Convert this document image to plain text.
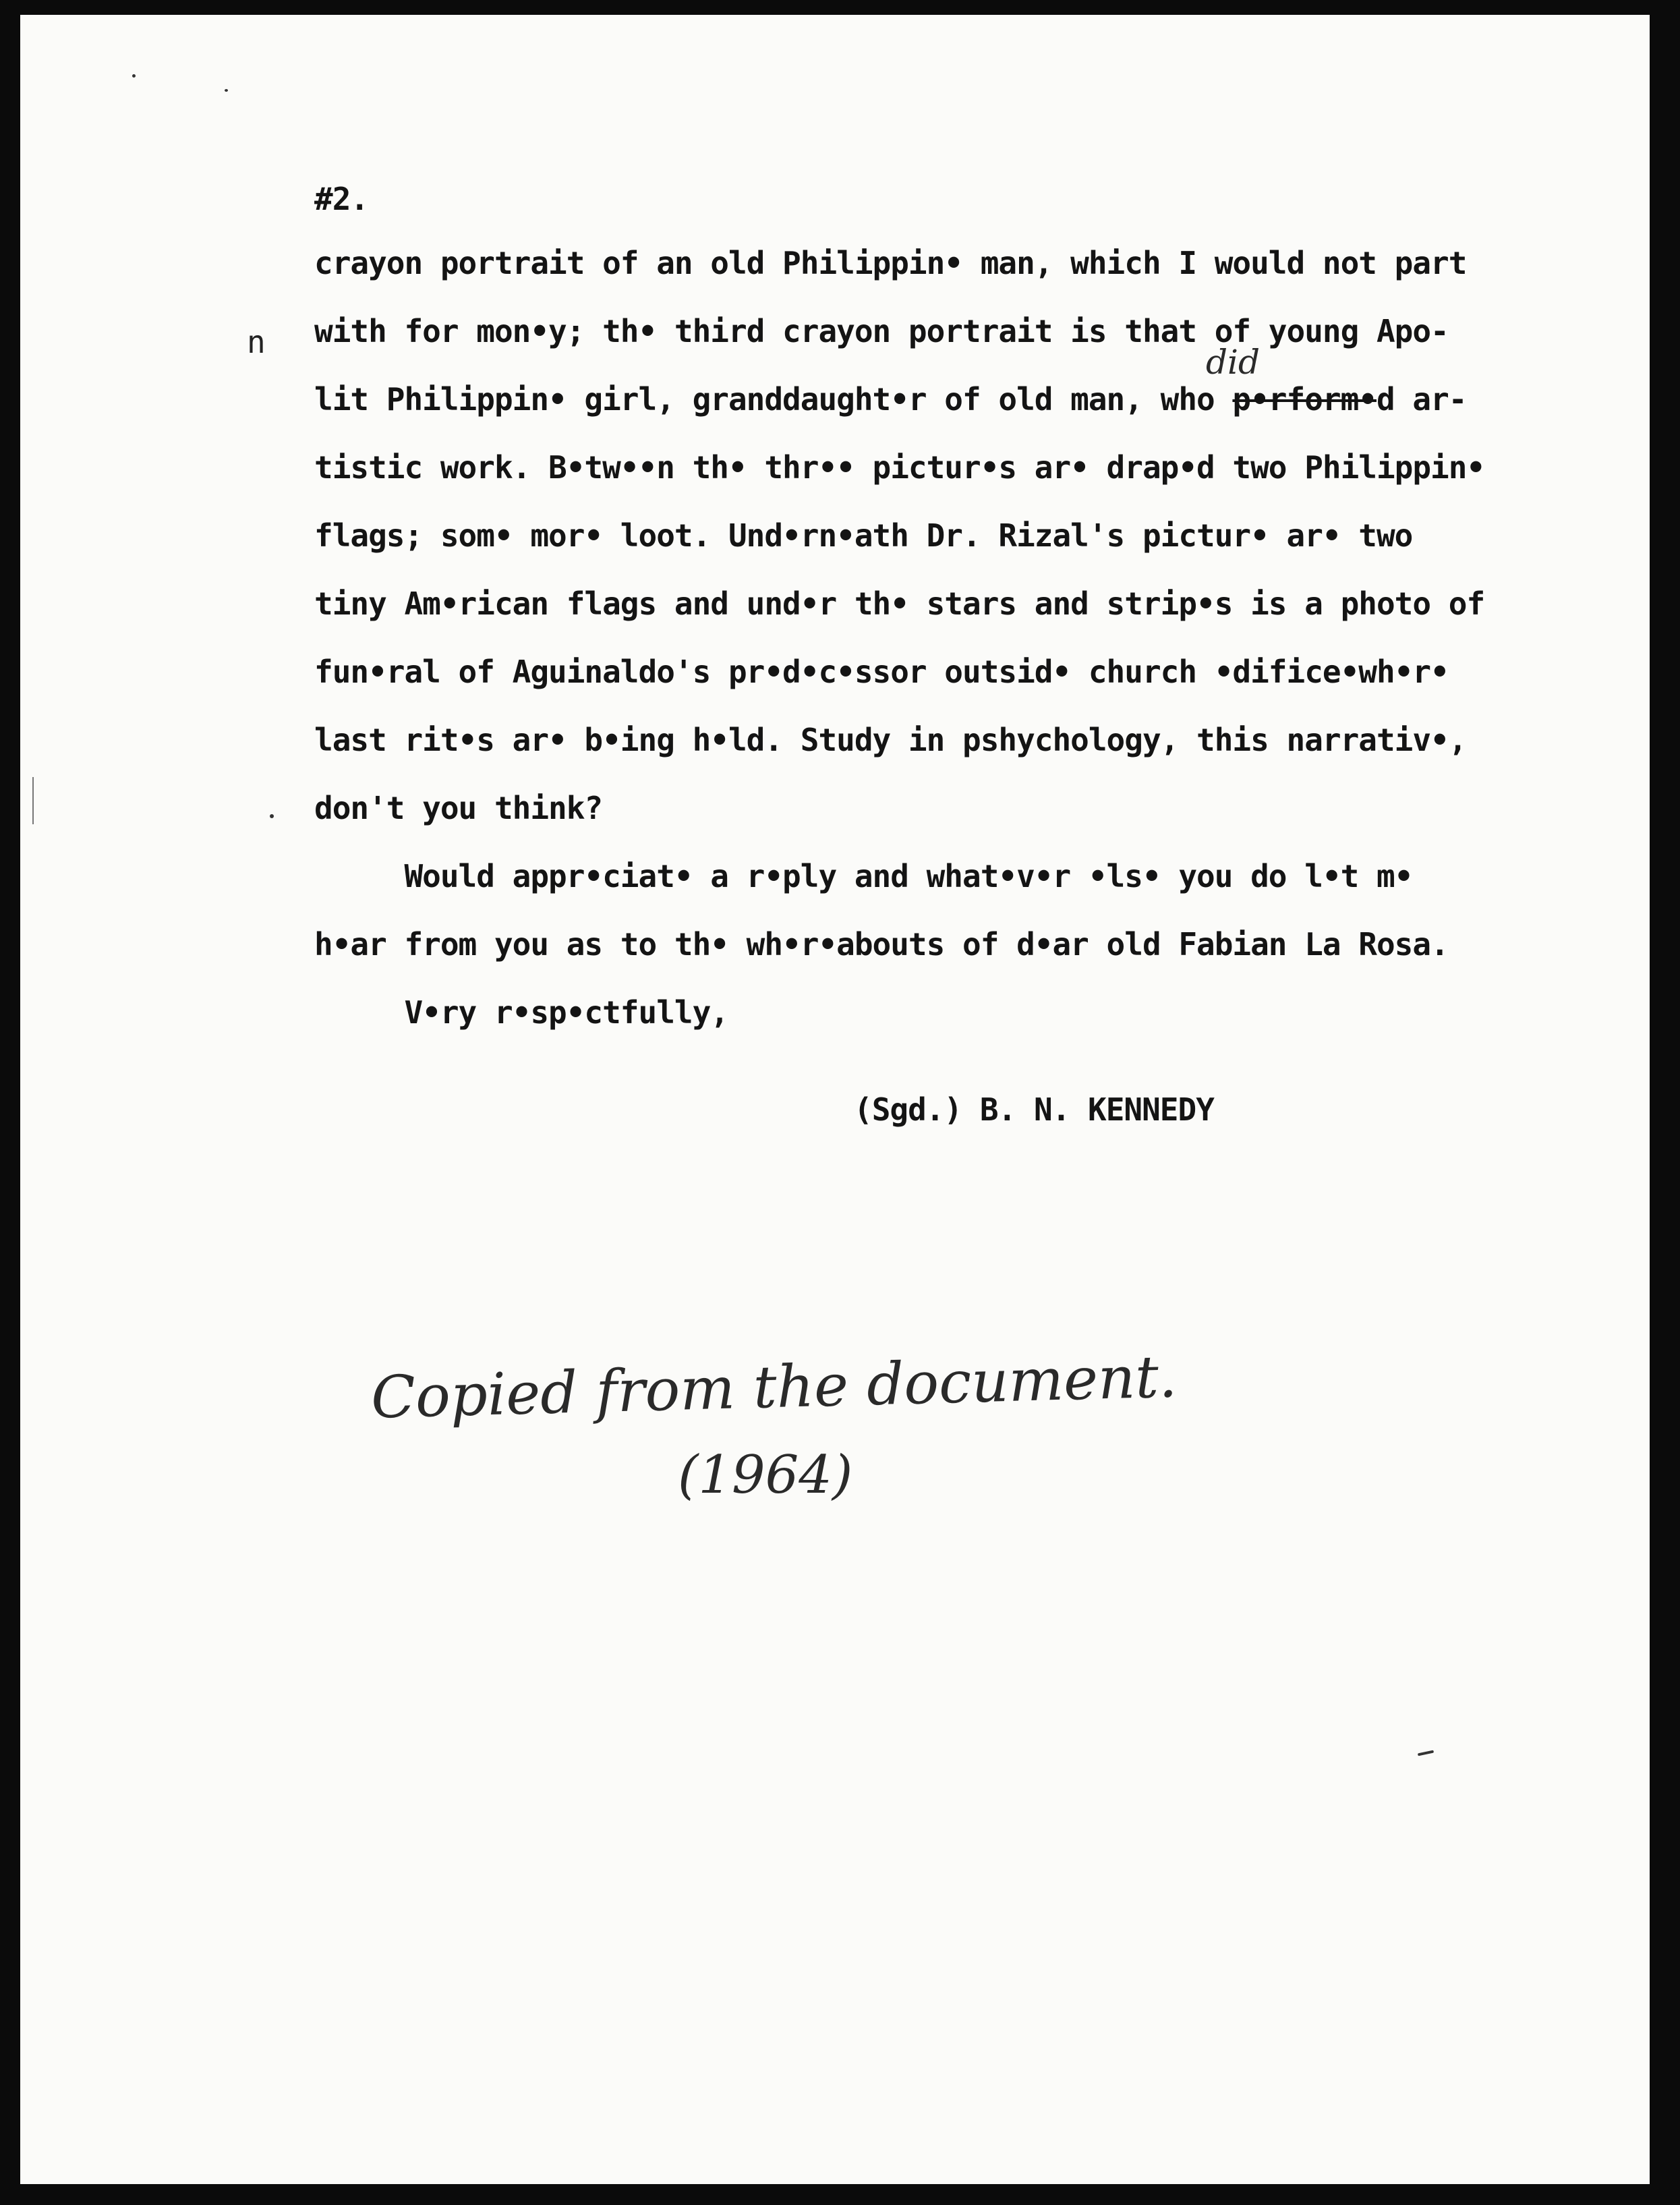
#2.
n
crayon portrait of an old Philippin• man, which I would not part
with for mon•y; th• third crayon portrait is that of young Apo-
lit Philippin• girl, granddaught•r of old man, who p•rform•d ar-
did
tistic work. B•tw••n th• thr•• pictur•s ar• drap•d two Philippin•
flags; som• mor• loot. Und•rn•ath Dr. Rizal's pictur• ar• two
tiny Am•rican flags and und•r th• stars and strip•s is a photo of
fun•ral of Aguinaldo's pr•d•c•ssor outsid• church •difice•wh•r•
last rit•s ar• b•ing h•ld. Study in pshychology, this narrativ•,
don't you think?
Would appr•ciat• a r•ply and what•v•r •ls• you do l•t m•
h•ar from you as to th• wh•r•abouts of d•ar old Fabian La Rosa.
V•ry r•sp•ctfully,
(Sgd.) B. N. KENNEDY
Copied from the document.
(1964)
